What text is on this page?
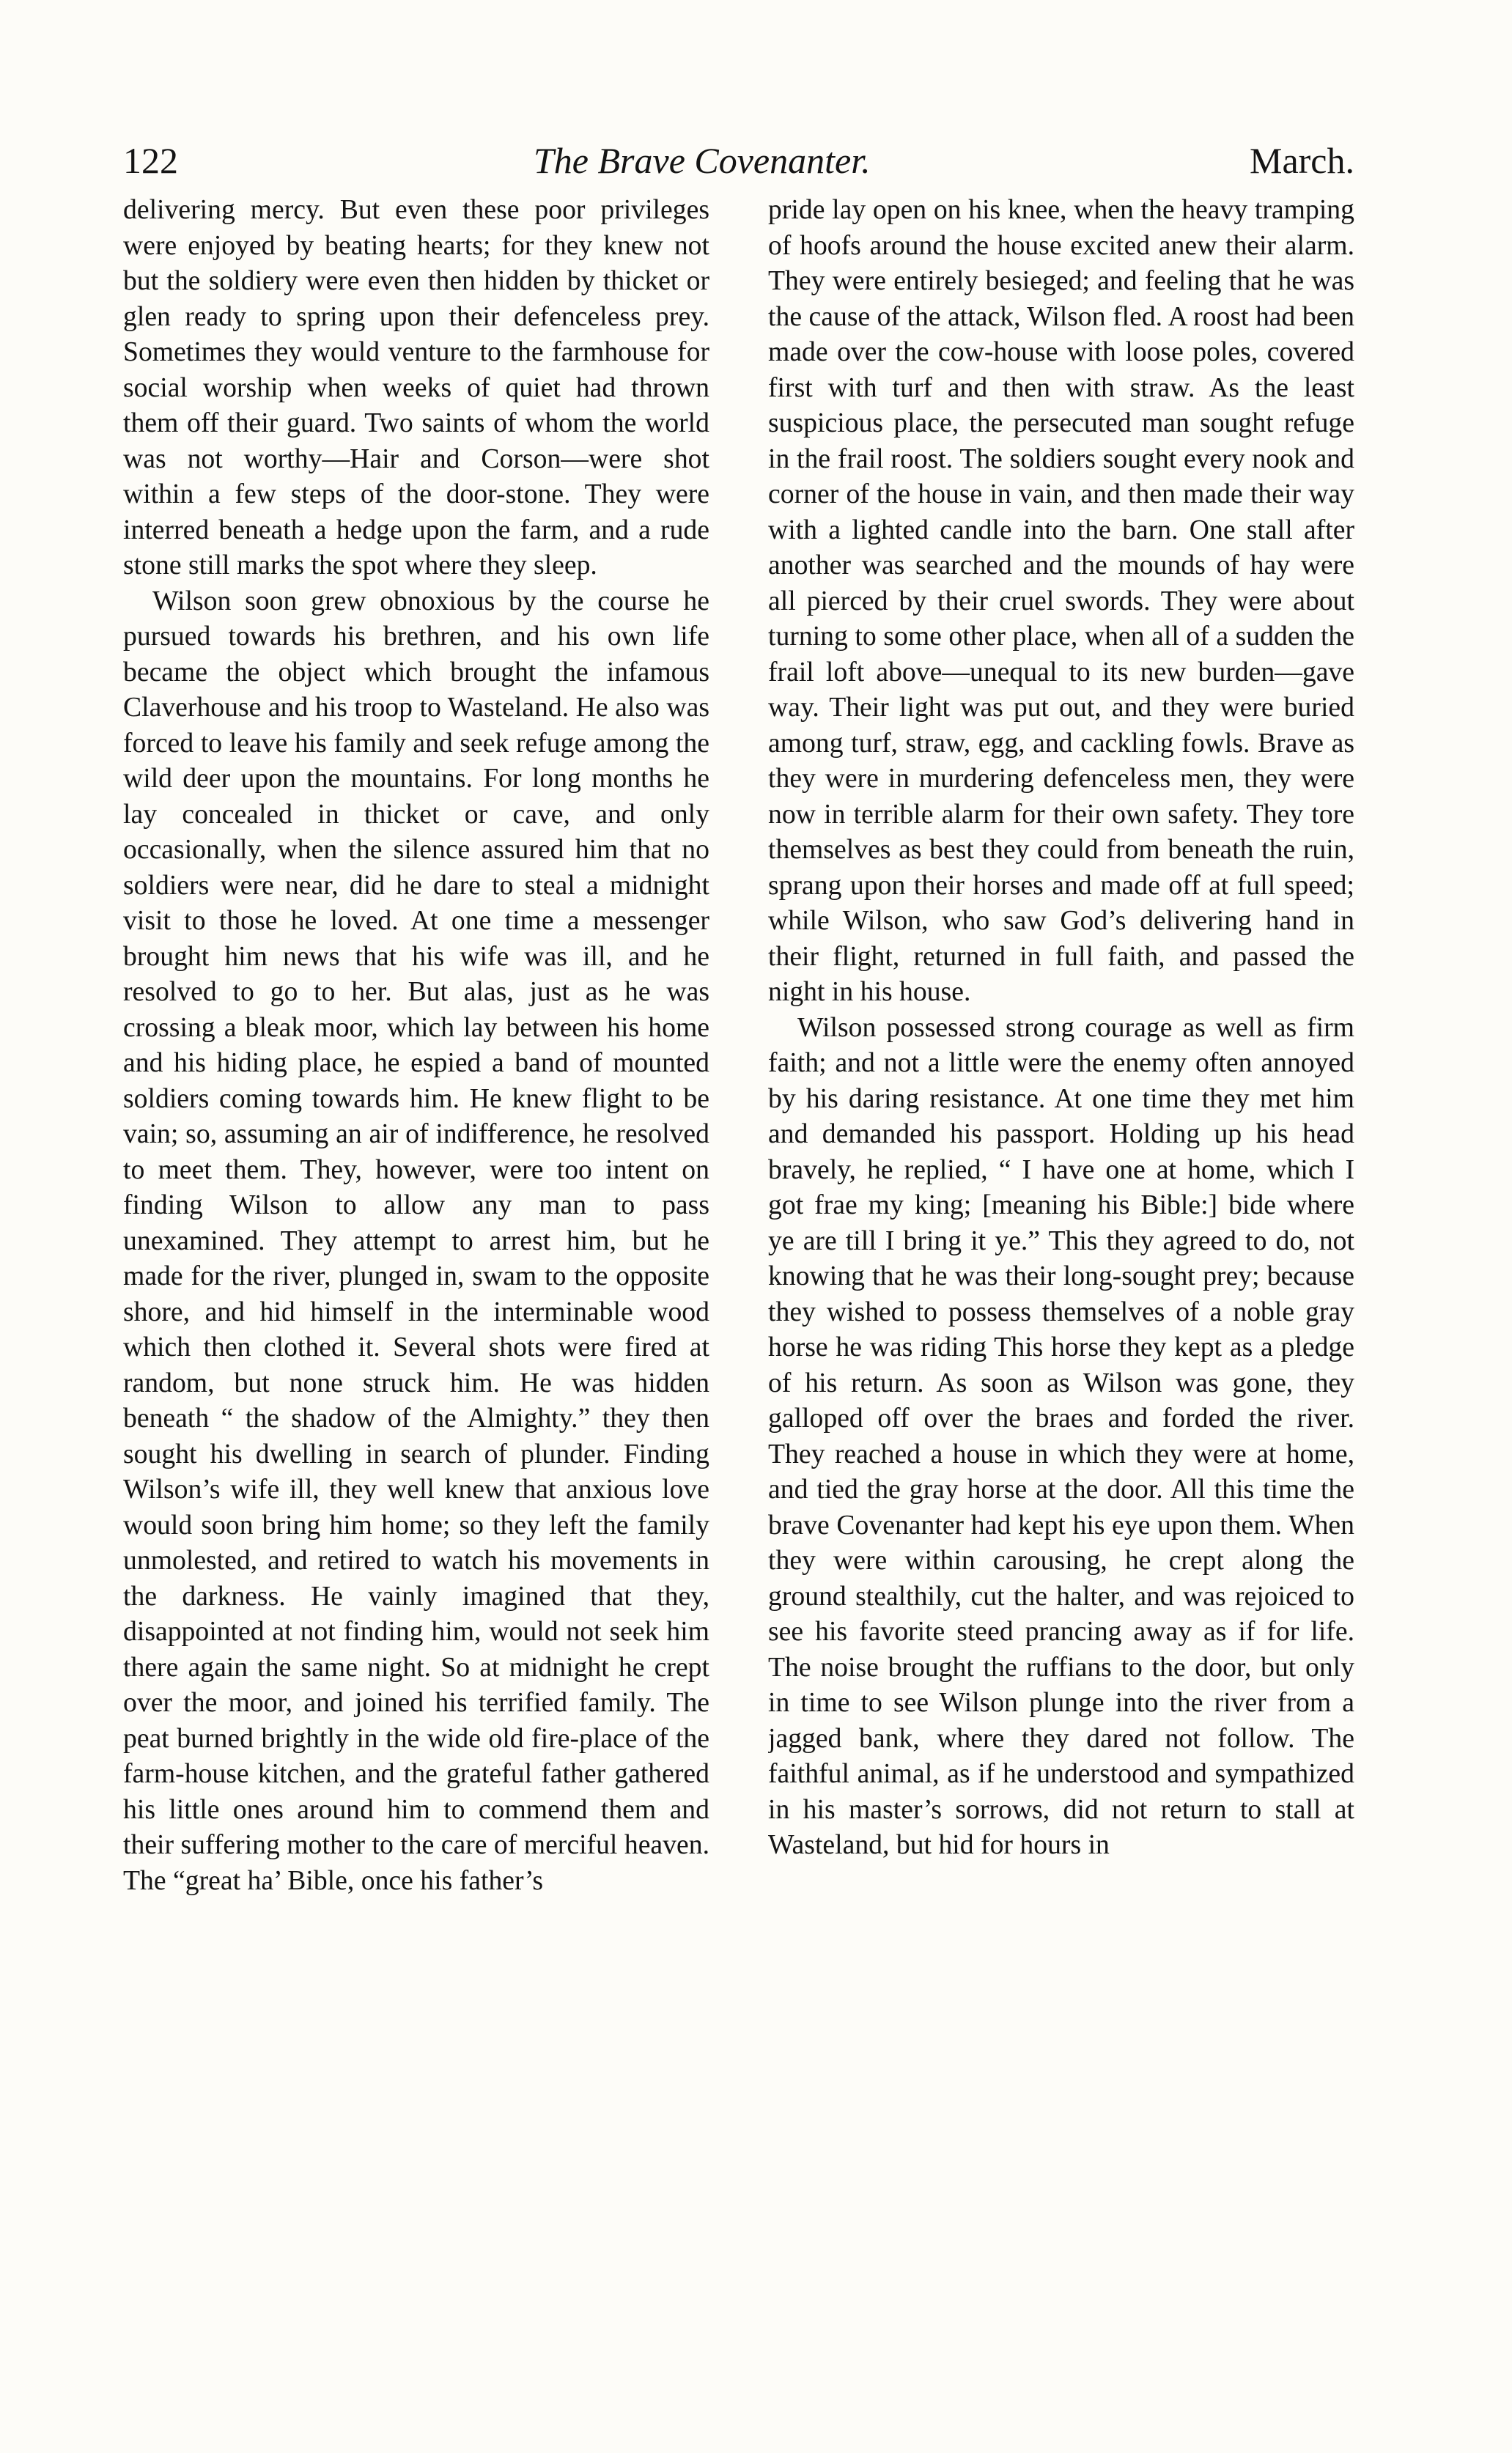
122	The Brave Covenanter.	March.

delivering mercy. But even these poor privileges were enjoyed by beating hearts; for they knew not but the soldiery were even then hidden by thicket or glen ready to spring upon their defenceless prey. Sometimes they would venture to the farmhouse for social worship when weeks of quiet had thrown them off their guard. Two saints of whom the world was not worthy—Hair and Corson—were shot within a few steps of the door-stone. They were interred beneath a hedge upon the farm, and a rude stone still marks the spot where they sleep.

Wilson soon grew obnoxious by the course he pursued towards his brethren, and his own life became the object which brought the infamous Claverhouse and his troop to Wasteland. He also was forced to leave his family and seek refuge among the wild deer upon the mountains. For long months he lay concealed in thicket or cave, and only occasionally, when the silence assured him that no soldiers were near, did he dare to steal a midnight visit to those he loved. At one time a messenger brought him news that his wife was ill, and he resolved to go to her. But alas, just as he was crossing a bleak moor, which lay between his home and his hiding place, he espied a band of mounted soldiers coming towards him. He knew flight to be vain; so, assuming an air of indifference, he resolved to meet them. They, however, were too intent on finding Wilson to allow any man to pass unexamined. They attempt to arrest him, but he made for the river, plunged in, swam to the opposite shore, and hid himself in the interminable wood which then clothed it. Several shots were fired at random, but none struck him. He was hidden beneath “ the shadow of the Almighty.” they then sought his dwelling in search of plunder. Finding Wilson’s wife ill, they well knew that anxious love would soon bring him home; so they left the family unmolested, and retired to watch his movements in the darkness. He vainly imagined that they, disappointed at not finding him, would not seek him there again the same night. So at midnight he crept over the moor, and joined his terrified family. The peat burned brightly in the wide old fire-place of the farm-house kitchen, and the grateful father gathered his little ones around him to commend them and their suffering mother to the care of merciful heaven. The “great ha’ Bible, once his father’s

pride lay open on his knee, when the heavy tramping of hoofs around the house excited anew their alarm. They were entirely besieged; and feeling that he was the cause of the attack, Wilson fled. A roost had been made over the cow-house with loose poles, covered first with turf and then with straw. As the least suspicious place, the persecuted man sought refuge in the frail roost. The soldiers sought every nook and corner of the house in vain, and then made their way with a lighted candle into the barn. One stall after another was searched and the mounds of hay were all pierced by their cruel swords. They were about turning to some other place, when all of a sudden the frail loft above—unequal to its new burden—gave way. Their light was put out, and they were buried among turf, straw, egg, and cackling fowls. Brave as they were in murdering defenceless men, they were now in terrible alarm for their own safety. They tore themselves as best they could from beneath the ruin, sprang upon their horses and made off at full speed; while Wilson, who saw God’s delivering hand in their flight, returned in full faith, and passed the night in his house.

Wilson possessed strong courage as well as firm faith; and not a little were the enemy often annoyed by his daring resistance. At one time they met him and demanded his passport. Holding up his head bravely, he replied, “ I have one at home, which I got frae my king; [meaning his Bible:] bide where ye are till I bring it ye.” This they agreed to do, not knowing that he was their long-sought prey; because they wished to possess themselves of a noble gray horse he was riding This horse they kept as a pledge of his return. As soon as Wilson was gone, they galloped off over the braes and forded the river. They reached a house in which they were at home, and tied the gray horse at the door. All this time the brave Covenanter had kept his eye upon them. When they were within carousing, he crept along the ground stealthily, cut the halter, and was rejoiced to see his favorite steed prancing away as if for life. The noise brought the ruffians to the door, but only in time to see Wilson plunge into the river from a jagged bank, where they dared not follow. The faithful animal, as if he understood and sympathized in his master’s sorrows, did not return to stall at Wasteland, but hid for hours in
